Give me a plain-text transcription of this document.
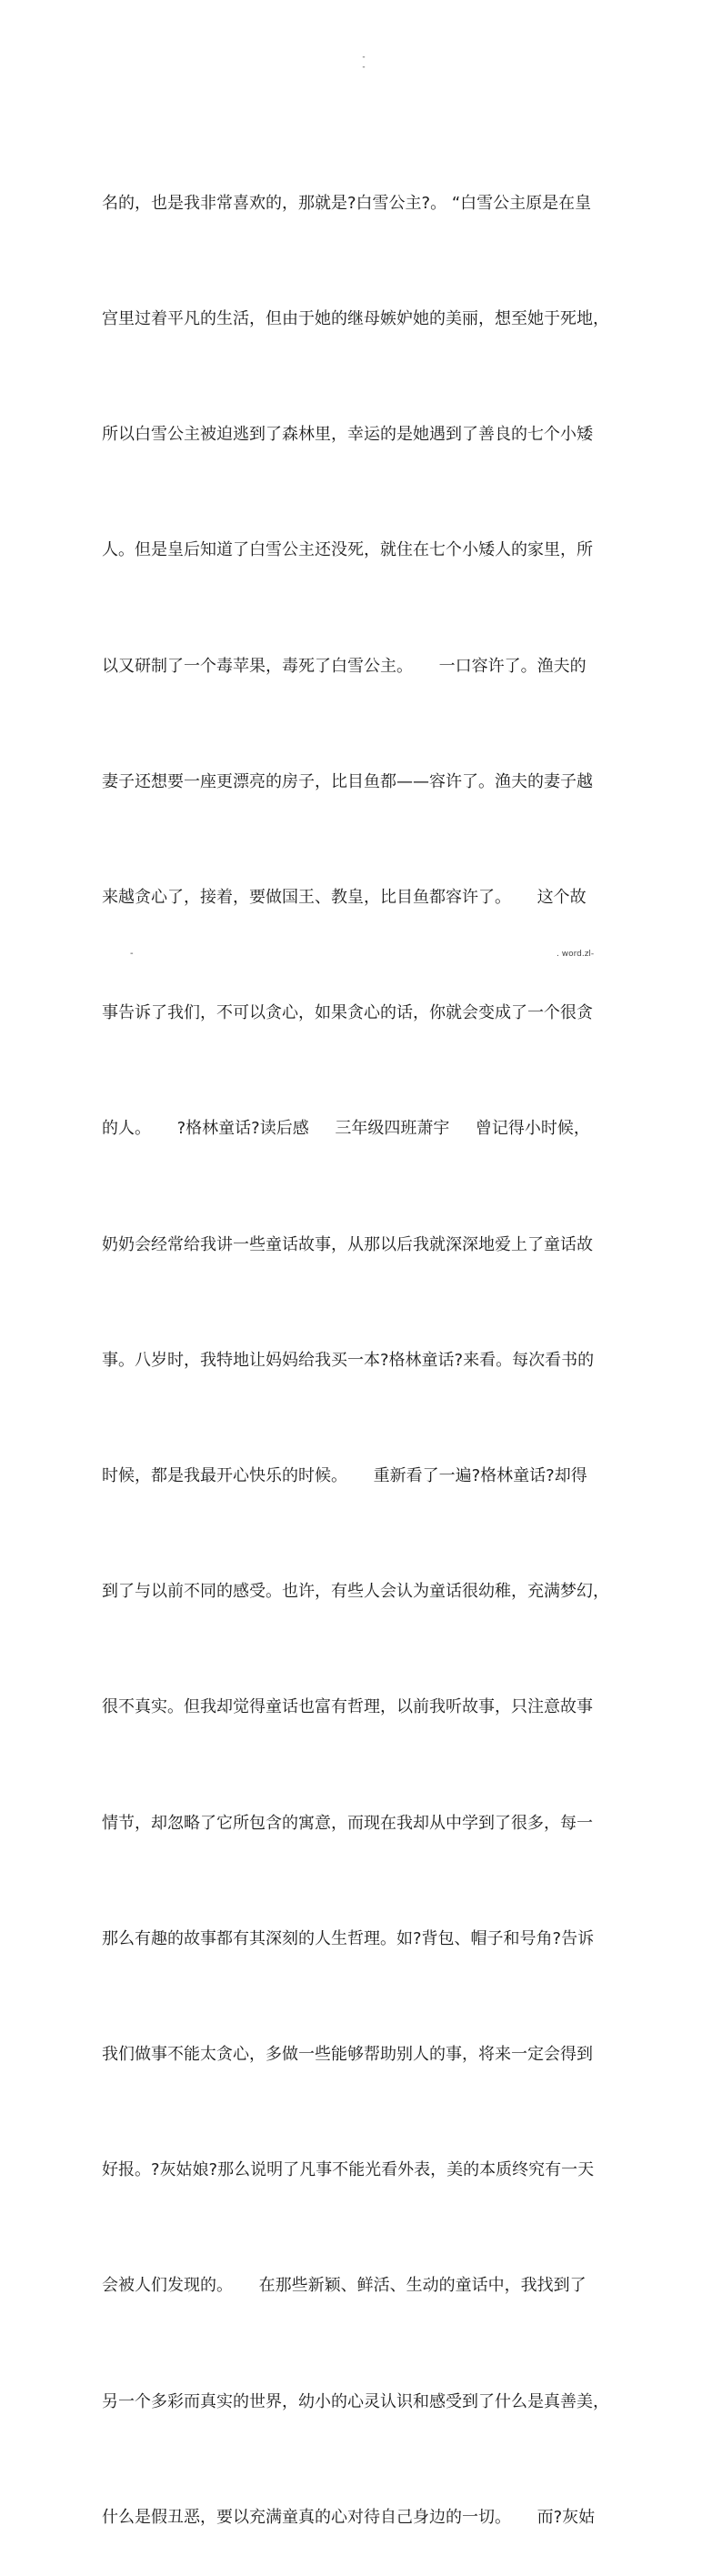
-
-

名的，也是我非常喜欢的，那就是?白雪公主?。 “白雪公主原是在皇

宫里过着平凡的生活，但由于她的继母嫉妒她的美丽，想至她于死地，

所以白雪公主被迫逃到了森林里，幸运的是她遇到了善良的七个小矮

人。但是皇后知道了白雪公主还没死，就住在七个小矮人的家里，所

以又研制了一个毒苹果，毒死了白雪公主。     一口容许了。渔夫的

妻子还想要一座更漂亮的房子，比目鱼都——容许了。渔夫的妻子越

来越贪心了，接着，要做国王、教皇，比目鱼都容许了。     这个故

事告诉了我们，不可以贪心，如果贪心的话，你就会变成了一个很贪

的人。     ?格林童话?读后感     三年级四班萧宇     曾记得小时候，

奶奶会经常给我讲一些童话故事，从那以后我就深深地爱上了童话故

事。八岁时，我特地让妈妈给我买一本?格林童话?来看。每次看书的

时候，都是我最开心快乐的时候。     重新看了一遍?格林童话?却得

到了与以前不同的感受。也许，有些人会认为童话很幼稚，充满梦幻，

很不真实。但我却觉得童话也富有哲理，以前我听故事，只注意故事

情节，却忽略了它所包含的寓意，而现在我却从中学到了很多，每一

那么有趣的故事都有其深刻的人生哲理。如?背包、帽子和号角?告诉

我们做事不能太贪心，多做一些能够帮助别人的事，将来一定会得到

好报。?灰姑娘?那么说明了凡事不能光看外表，美的本质终究有一天

会被人们发现的。     在那些新颖、鲜活、生动的童话中，我找到了

另一个多彩而真实的世界，幼小的心灵认识和感受到了什么是真善美，

什么是假丑恶，要以充满童真的心对待自己身边的一切。     而?灰姑

-	. word.zl-
